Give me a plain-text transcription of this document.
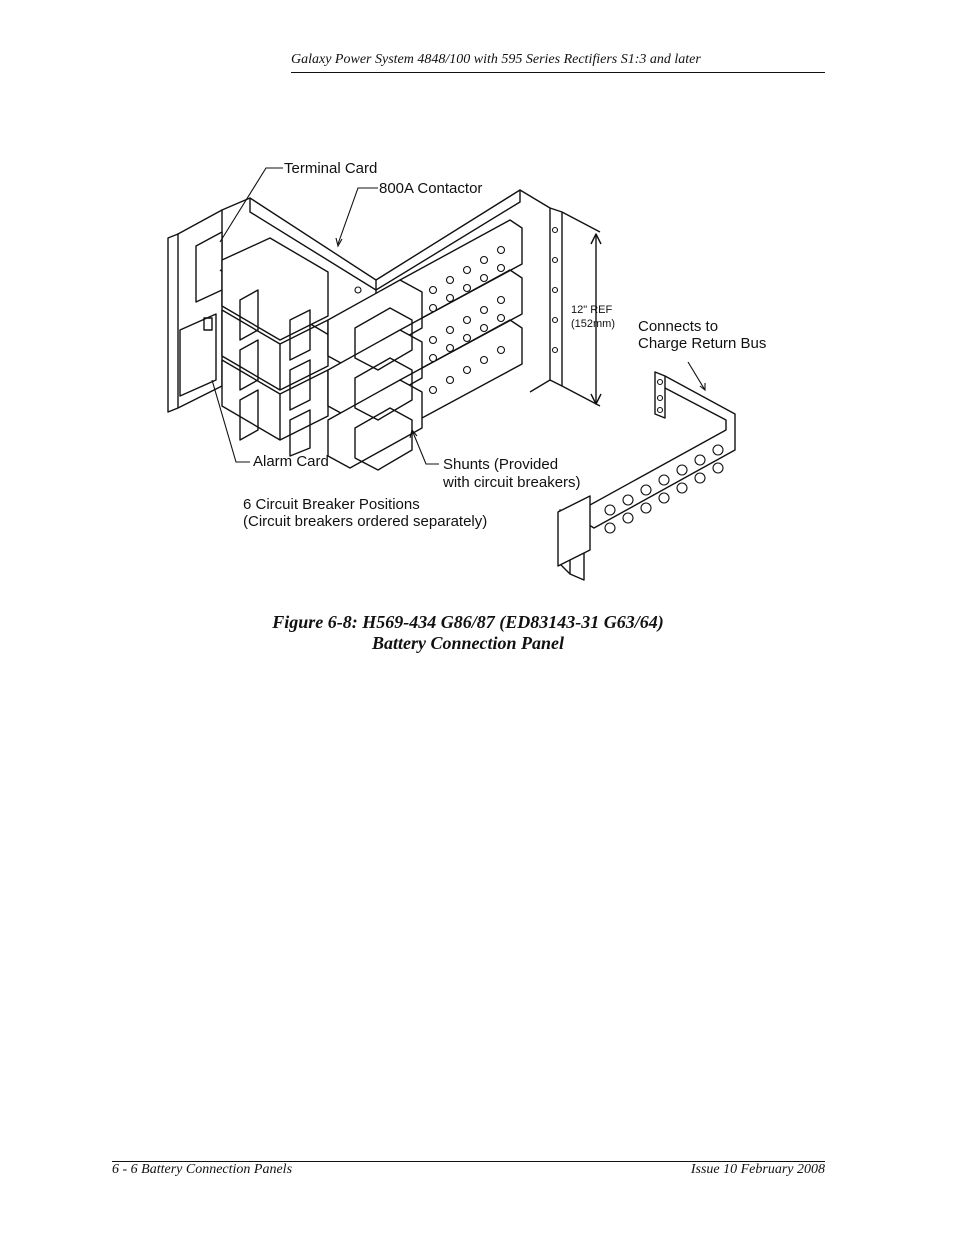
Galaxy Power System 4848/100 with 595 Series Rectifiers S1:3 and later
Terminal Card
800A Contactor
12" REF
(152mm) Connects to
Charge Return Bus
Alarm Card	Shunts (Provided
with circuit breakers)
6 Circuit Breaker Positions
(Circuit breakers ordered separately)
Figure 6-8: H569-434 G86/87 (ED83143-31 G63/64)
Battery Connection Panel
6 - 6 Battery Connection Panels	Issue 10 February 2008
